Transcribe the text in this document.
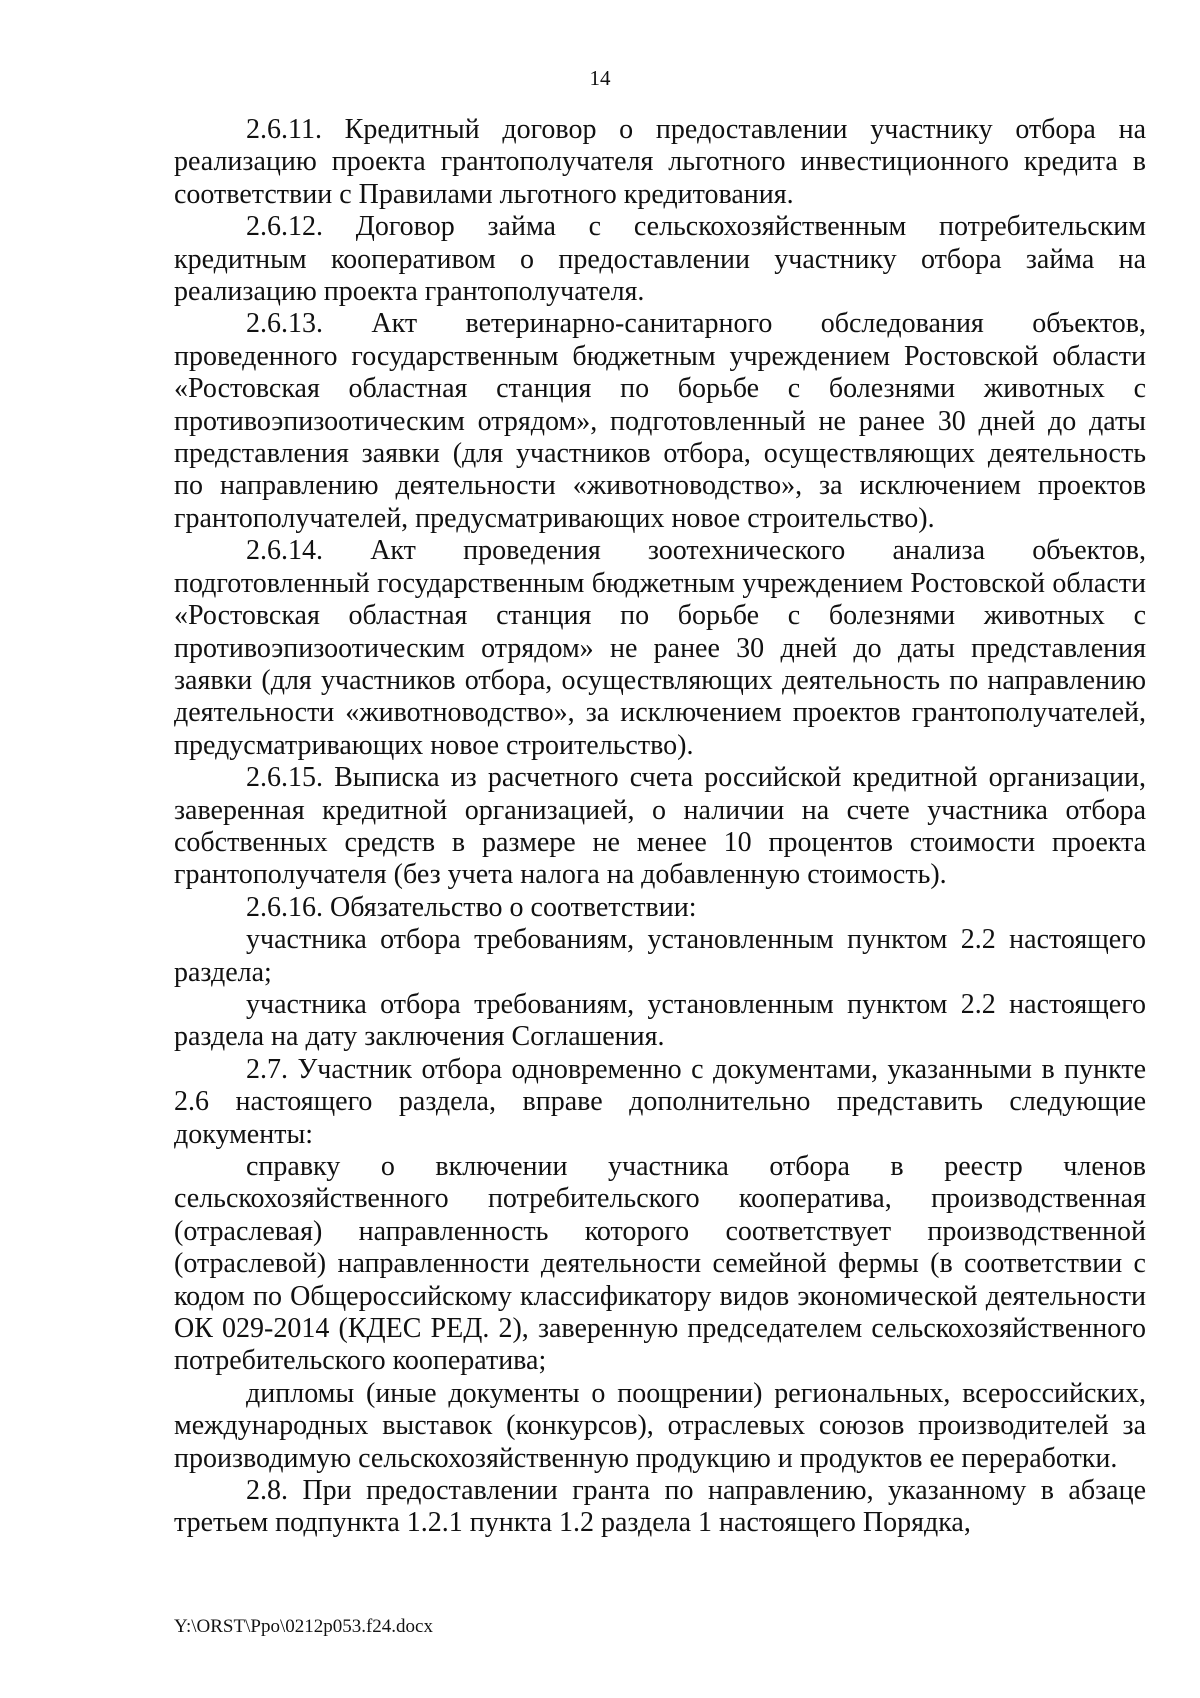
14

2.6.11. Кредитный договор о предоставлении участнику отбора на реализацию проекта грантополучателя льготного инвестиционного кредита в соответствии с Правилами льготного кредитования.

2.6.12. Договор займа с сельскохозяйственным потребительским кредитным кооперативом о предоставлении участнику отбора займа на реализацию проекта грантополучателя.

2.6.13. Акт ветеринарно-санитарного обследования объектов, проведенного государственным бюджетным учреждением Ростовской области «Ростовская областная станция по борьбе с болезнями животных с противоэпизоотическим отрядом», подготовленный не ранее 30 дней до даты представления заявки (для участников отбора, осуществляющих деятельность по направлению деятельности «животноводство», за исключением проектов грантополучателей, предусматривающих новое строительство).

2.6.14. Акт проведения зоотехнического анализа объектов, подготовленный государственным бюджетным учреждением Ростовской области «Ростовская областная станция по борьбе с болезнями животных с противоэпизоотическим отрядом» не ранее 30 дней до даты представления заявки (для участников отбора, осуществляющих деятельность по направлению деятельности «животноводство», за исключением проектов грантополучателей, предусматривающих новое строительство).

2.6.15. Выписка из расчетного счета российской кредитной организации, заверенная кредитной организацией, о наличии на счете участника отбора собственных средств в размере не менее 10 процентов стоимости проекта грантополучателя (без учета налога на добавленную стоимость).

2.6.16. Обязательство о соответствии:

участника отбора требованиям, установленным пунктом 2.2 настоящего раздела;

участника отбора требованиям, установленным пунктом 2.2 настоящего раздела на дату заключения Соглашения.

2.7. Участник отбора одновременно с документами, указанными в пункте 2.6 настоящего раздела, вправе дополнительно представить следующие документы:

справку о включении участника отбора в реестр членов сельскохозяйственного потребительского кооператива, производственная (отраслевая) направленность которого соответствует производственной (отраслевой) направленности деятельности семейной фермы (в соответствии с кодом по Общероссийскому классификатору видов экономической деятельности ОК 029-2014 (КДЕС РЕД. 2), заверенную председателем сельскохозяйственного потребительского кооператива;

дипломы (иные документы о поощрении) региональных, всероссийских, международных выставок (конкурсов), отраслевых союзов производителей за производимую сельскохозяйственную продукцию и продуктов ее переработки.

2.8. При предоставлении гранта по направлению, указанному в абзаце третьем подпункта 1.2.1 пункта 1.2 раздела 1 настоящего Порядка,

Y:\ORST\Ppo\0212p053.f24.docx
